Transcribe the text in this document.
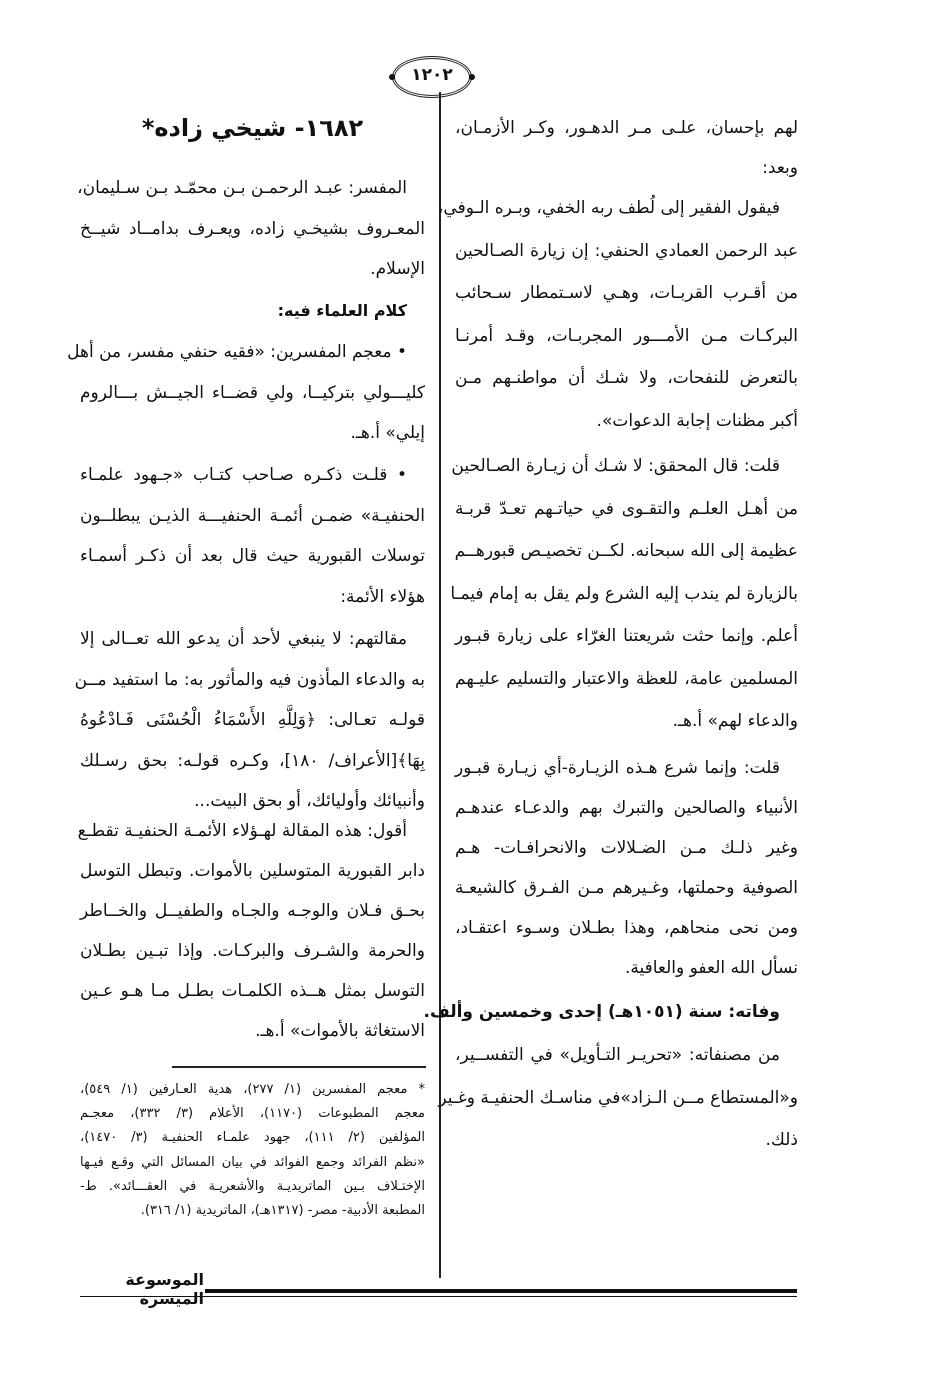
١٢٠٢
لهم بإحسان، علـى مـر الدهـور، وكـر الأزمـان،
وبعد:
فيقول الفقير إلى لُطف ربه الخفي، وبـره الـوفي،
عبد الرحمن العمادي الحنفي: إن زيارة الصـالحين
من أقـرب القربـات، وهـي لاسـتمطار سـحائب
البركـات مـن الأمـــور المجربـات، وقـد أمرنـا
بالتعرض للنفحات، ولا شـك أن مواطنـهم مـن
أكبر مظنات إجابة الدعوات».
قلت: قال المحقق: لا شـك أن زيـارة الصـالحين
من أهـل العلـم والتقـوى في حياتـهم تعـدّ قربـة
عظيمة إلى الله سبحانه. لكــن تخصيـص قبورهــم
بالزيارة لم يندب إليه الشرع ولم يقل به إمام فيمـا
أعلم. وإنما حثت شريعتنا الغرّاء على زيارة قبـور
المسلمين عامة، للعظة والاعتبار والتسليم عليـهم
والدعاء لهم» أ.هـ.
قلت: وإنما شرع هـذه الزيـارة-أي زيـارة قبـور
الأنبياء والصالحين والتبرك بهم والدعـاء عندهـم
وغير ذلـك مـن الضـلالات والانحرافـات- هـم
الصوفية وحملتها، وغـيرهم مـن الفـرق كالشيعـة
ومن نحى منحاهم، وهذا بطـلان وسـوء اعتقـاد،
نسأل الله العفو والعافية.
وفاته: سنة (١٠٥١هـ) إحدى وخمسين وألف.
من مصنفاته: «تحريـر التـأويل» في التفســير،
و«المستطاع مــن الـزاد»في مناسـك الحنفيـة وغـير
ذلك.
١٦٨٢- شيخي زاده*
المفسر: عبـد الرحمـن بـن محمّـد بـن سـليمان،
المعـروف بشيخـي زاده، ويعـرف بدامــاد شيــخ
الإسلام.
كلام العلماء فيه:
• معجم المفسرين: «فقيه حنفي مفسر، من أهل
كليـــولي بتركيــا، ولي قضــاء الجيــش بـــالروم
إيلي» أ.هـ.
• قلـت ذكـره صـاحب كتـاب «جـهود علمـاء
الحنفيـة» ضمـن أئمـة الحنفيـــة الذيـن يبطلــون
توسلات القبورية حيث قال بعد أن ذكـر أسمـاء
هؤلاء الأئمة:
مقالتهم: لا ينبغي لأحد أن يدعو الله تعــالى إلا
به والدعاء المأذون فيه والمأثور به: ما استفيد مــن
قولـه تعـالى: ﴿وَلِلَّهِ الأَسْمَاءُ الْحُسْنَى فَـادْعُوهُ
بِهَا﴾[الأعراف/ ١٨٠]، وكـره قولـه: بحق رسـلك
وأنبيائك وأوليائك، أو بحق البيت...
أقول: هذه المقالة لهـؤلاء الأئمـة الحنفيـة تقطـع
دابر القبورية المتوسلين بالأموات. وتبطل التوسل
بحـق فـلان والوجـه والجـاه والطفيــل والخــاطر
والحرمة والشـرف والبركـات. وإذا تبـين بطـلان
التوسل بمثل هــذه الكلمـات بطـل مـا هـو عـين
الاستغاثة بالأموات» أ.هـ.
* معجم المفسرين (١/ ٢٧٧)، هدية العـارفين (١/ ٥٤٩)،
معجم المطبوعات (١١٧٠)، الأعلام (٣/ ٣٣٢)، معجـم
المؤلفين (٢/ ١١١)، جهود علمـاء الحنفيـة (٣/ ١٤٧٠)،
«نظم الفرائد وجمع الفوائد في بيان المسائل التي وقـع فيـها
الإختـلاف بـين الماتريديـة والأشعريـة في العقـــائد». ط-
المطبعة الأدبية- مصر- (١٣١٧هـ)، الماتريدية (١/ ٣١٦).
الموسوعة الميسرة
